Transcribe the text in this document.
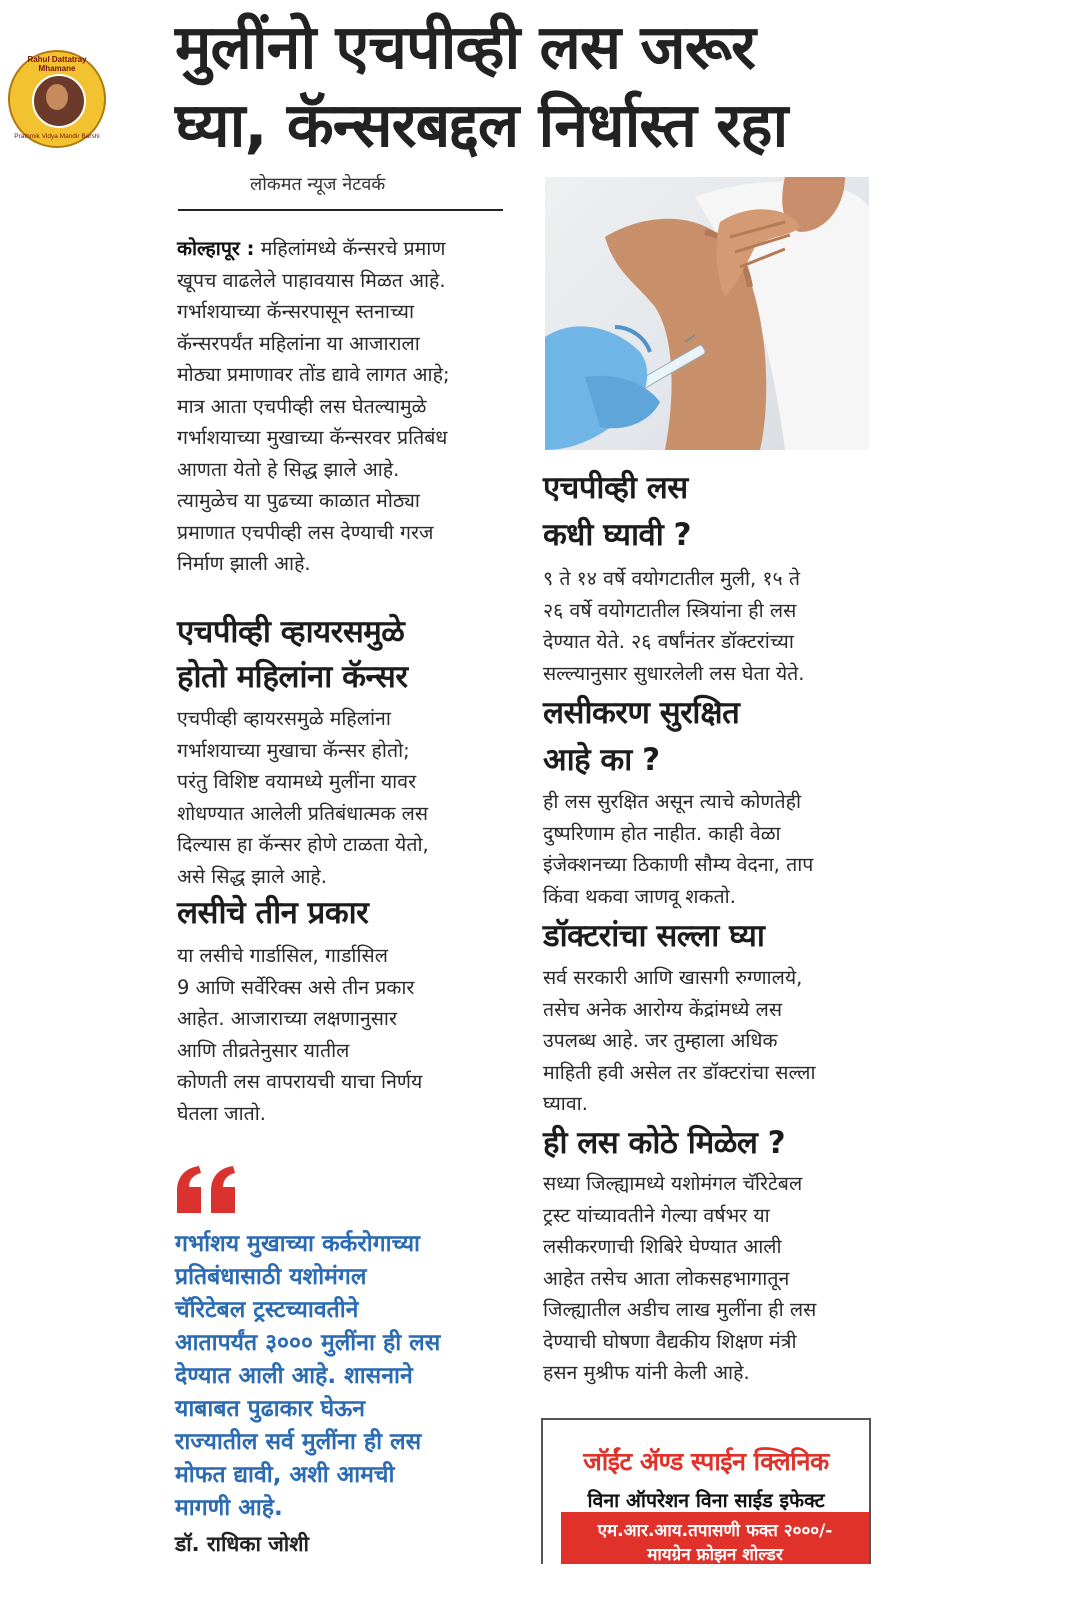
Rahul Dattatray Mhamane
Prathmik Vidya Mandir Barshi
मुलींनो एचपीव्ही लस जरूर
घ्या, कॅन्सरबद्दल निर्धास्त रहा
लोकमत न्यूज नेटवर्क
कोल्हापूर : महिलांमध्ये कॅन्सरचे प्रमाण
खूपच वाढलेले पाहावयास मिळत आहे.
गर्भाशयाच्या कॅन्सरपासून स्तनाच्या
कॅन्सरपर्यंत महिलांना या आजाराला
मोठ्या प्रमाणावर तोंड द्यावे लागत आहे;
मात्र आता एचपीव्ही लस घेतल्यामुळे
गर्भाशयाच्या मुखाच्या कॅन्सरवर प्रतिबंध
आणता येतो हे सिद्ध झाले आहे.
त्यामुळेच या पुढच्या काळात मोठ्या
प्रमाणात एचपीव्ही लस देण्याची गरज
निर्माण झाली आहे.
एचपीव्ही व्हायरसमुळे
होतो महिलांना कॅन्सर
एचपीव्ही व्हायरसमुळे महिलांना
गर्भाशयाच्या मुखाचा कॅन्सर होतो;
परंतु विशिष्ट वयामध्ये मुलींना यावर
शोधण्यात आलेली प्रतिबंधात्मक लस
दिल्यास हा कॅन्सर होणे टाळता येतो,
असे सिद्ध झाले आहे.
लसीचे तीन प्रकार
या लसीचे गार्डासिल, गार्डासिल
9 आणि सर्वेरिक्स असे तीन प्रकार
आहेत. आजाराच्या लक्षणानुसार
आणि तीव्रतेनुसार यातील
कोणती लस वापरायची याचा निर्णय
घेतला जातो.
गर्भाशय मुखाच्या कर्करोगाच्या
प्रतिबंधासाठी यशोमंगल
चॅरिटेबल ट्रस्टच्यावतीने
आतापर्यंत ३००० मुलींना ही लस
देण्यात आली आहे. शासनाने
याबाबत पुढाकार घेऊन
राज्यातील सर्व मुलींना ही लस
मोफत द्यावी, अशी आमची
मागणी आहे.
डॉ. राधिका जोशी
एचपीव्ही लस
कधी घ्यावी ?
९ ते १४ वर्षे वयोगटातील मुली, १५ ते
२६ वर्षे वयोगटातील स्त्रियांना ही लस
देण्यात येते. २६ वर्षांनंतर डॉक्टरांच्या
सल्ल्यानुसार सुधारलेली लस घेता येते.
लसीकरण सुरक्षित
आहे का ?
ही लस सुरक्षित असून त्याचे कोणतेही
दुष्परिणाम होत नाहीत. काही वेळा
इंजेक्शनच्या ठिकाणी सौम्य वेदना, ताप
किंवा थकवा जाणवू शकतो.
डॉक्टरांचा सल्ला घ्या
सर्व सरकारी आणि खासगी रुग्णालये,
तसेच अनेक आरोग्य केंद्रांमध्ये लस
उपलब्ध आहे. जर तुम्हाला अधिक
माहिती हवी असेल तर डॉक्टरांचा सल्ला
घ्यावा.
ही लस कोठे मिळेल ?
सध्या जिल्ह्यामध्ये यशोमंगल चॅरिटेबल
ट्रस्ट यांच्यावतीने गेल्या वर्षभर या
लसीकरणाची शिबिरे घेण्यात आली
आहेत तसेच आता लोकसहभागातून
जिल्ह्यातील अडीच लाख मुलींना ही लस
देण्याची घोषणा वैद्यकीय शिक्षण मंत्री
हसन मुश्रीफ यांनी केली आहे.
जॉईंट ॲण्ड स्पाईन क्लिनिक
विना ऑपरेशन विना साईड इफेक्ट
एम.आर.आय.तपासणी फक्त २०००/-
मायग्रेन फ्रोझन शोल्डर
